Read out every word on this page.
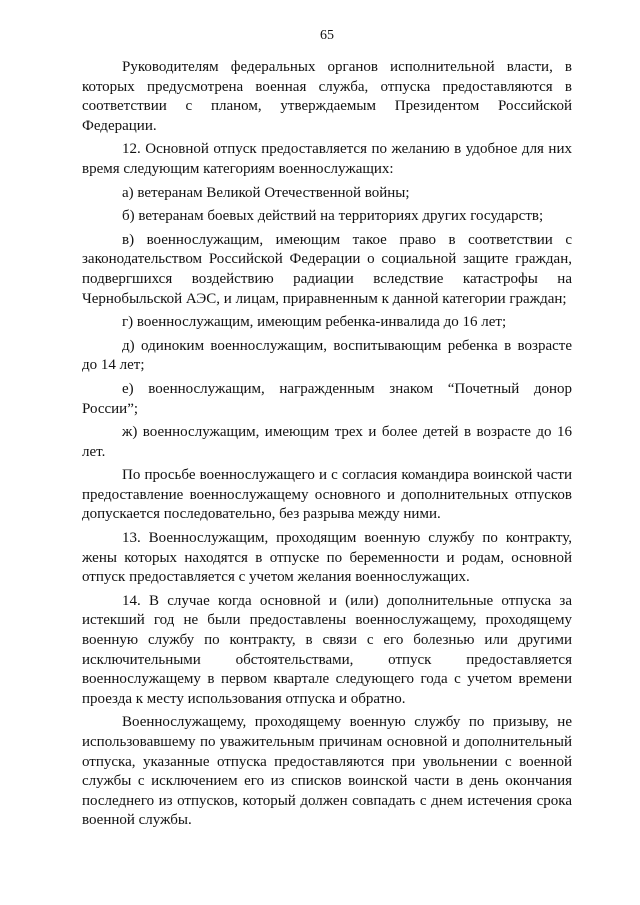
65

Руководителям федеральных органов исполнительной власти, в которых предусмотрена военная служба, отпуска предоставляются в соответствии с планом, утверждаемым Президентом Российской Федерации.

12. Основной отпуск предоставляется по желанию в удобное для них время следующим категориям военнослужащих:

а) ветеранам Великой Отечественной войны;

б) ветеранам боевых действий на территориях других государств;

в) военнослужащим, имеющим такое право в соответствии с законодательством Российской Федерации о социальной защите граждан, подвергшихся воздействию радиации вследствие катастрофы на Чернобыльской АЭС, и лицам, приравненным к данной категории граждан;

г) военнослужащим, имеющим ребенка-инвалида до 16 лет;

д) одиноким военнослужащим, воспитывающим ребенка в возрасте до 14 лет;

е) военнослужащим, награжденным знаком “Почетный донор России”;

ж) военнослужащим, имеющим трех и более детей в возрасте до 16 лет.

По просьбе военнослужащего и с согласия командира воинской части предоставление военнослужащему основного и дополнительных отпусков допускается последовательно, без разрыва между ними.

13. Военнослужащим, проходящим военную службу по контракту, жены которых находятся в отпуске по беременности и родам, основной отпуск предоставляется с учетом желания военнослужащих.

14. В случае когда основной и (или) дополнительные отпуска за истекший год не были предоставлены военнослужащему, проходящему военную службу по контракту, в связи с его болезнью или другими исключительными обстоятельствами, отпуск предоставляется военнослужащему в первом квартале следующего года с учетом времени проезда к месту использования отпуска и обратно.

Военнослужащему, проходящему военную службу по призыву, не использовавшему по уважительным причинам основной и дополнительный отпуска, указанные отпуска предоставляются при увольнении с военной службы с исключением его из списков воинской части в день окончания последнего из отпусков, который должен совпадать с днем истечения срока военной службы.
